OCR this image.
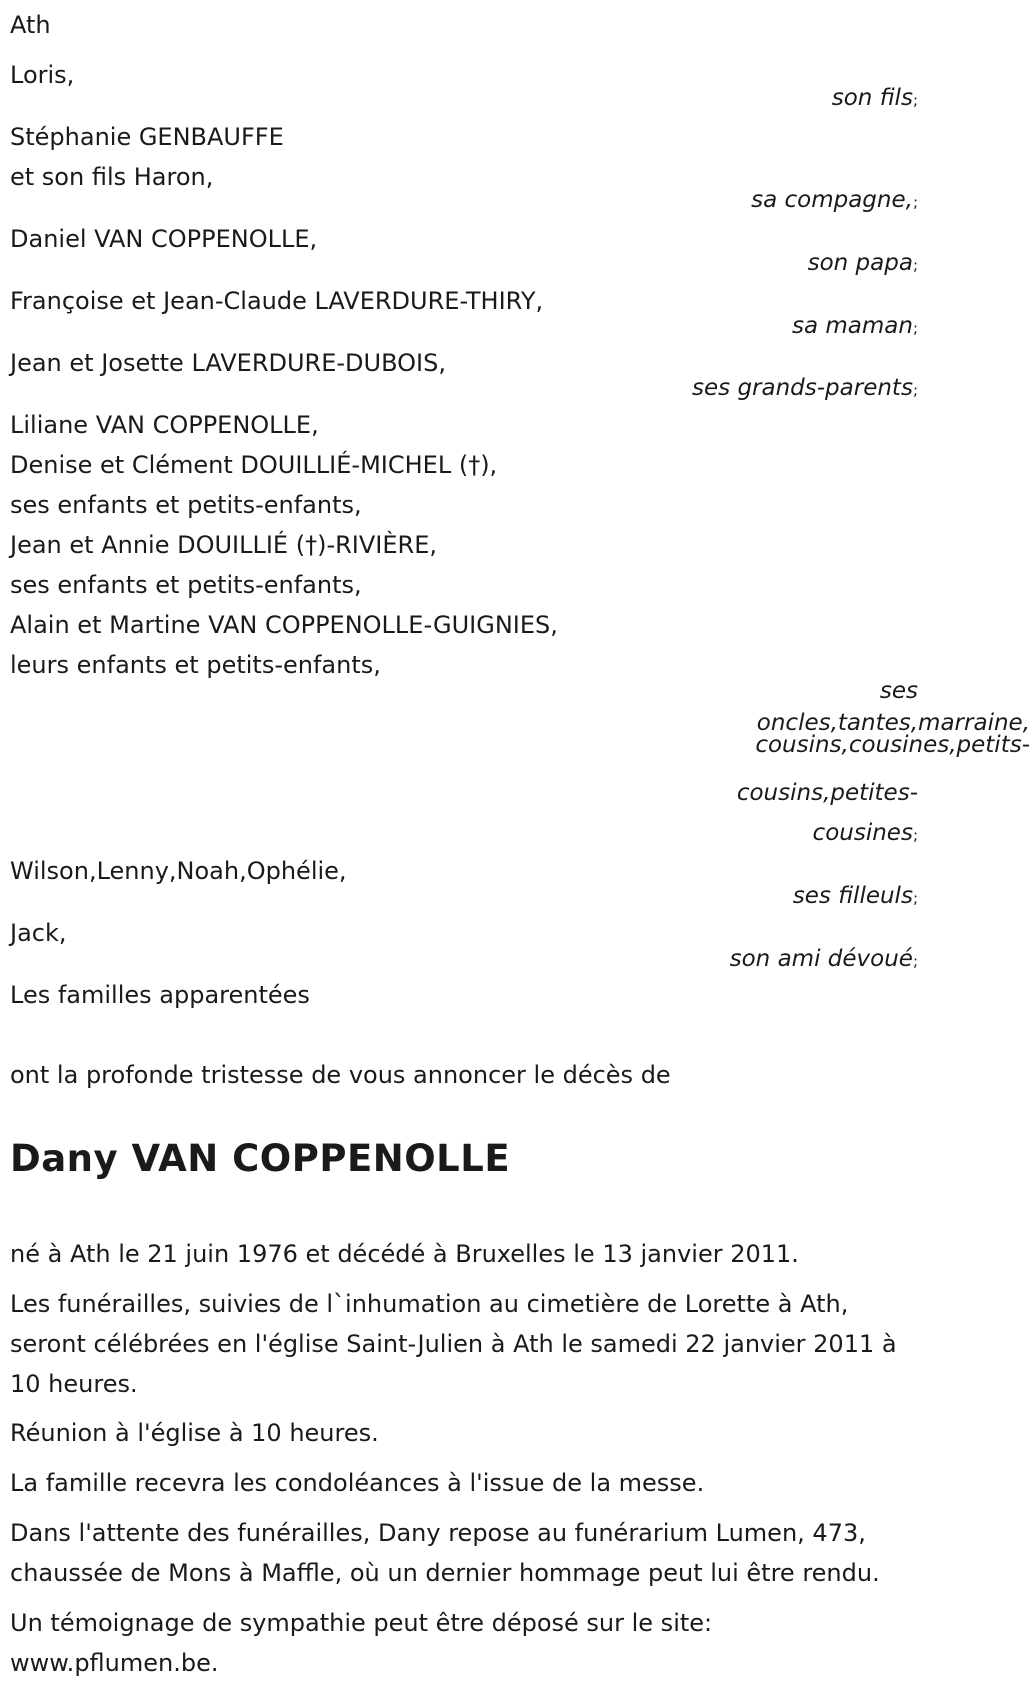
Ath
Loris,
Stéphanie GENBAUFFE
et son fils Haron,
Daniel VAN COPPENOLLE,
Françoise et Jean-Claude LAVERDURE-THIRY,
Jean et Josette LAVERDURE-DUBOIS,
Liliane VAN COPPENOLLE,
Denise et Clément DOUILLIÉ-MICHEL (†),
ses enfants et petits-enfants,
Jean et Annie DOUILLIÉ (†)-RIVIÈRE,
ses enfants et petits-enfants,
Alain et Martine VAN COPPENOLLE-GUIGNIES,
leurs enfants et petits-enfants,
Wilson,Lenny,Noah,Ophélie,
Jack,
Les familles apparentées
son fils;
sa compagne,;
son papa;
sa maman;
ses grands-parents;
ses
oncles,tantes,marraine,
cousins,cousines,petits-
cousins,petites-
cousines;
ses filleuls;
son ami dévoué;
ont la profonde tristesse de vous annoncer le décès de
Dany VAN COPPENOLLE
né à Ath le 21 juin 1976 et décédé à Bruxelles le 13 janvier 2011.
Les funérailles, suivies de l`inhumation au cimetière de Lorette à Ath,
seront célébrées en l'église Saint-Julien à Ath le samedi 22 janvier 2011 à
10 heures.
Réunion à l'église à 10 heures.
La famille recevra les condoléances à l'issue de la messe.
Dans l'attente des funérailles, Dany repose au funérarium Lumen, 473,
chaussée de Mons à Maffle, où un dernier hommage peut lui être rendu.
Un témoignage de sympathie peut être déposé sur le site:
www.pflumen.be.
